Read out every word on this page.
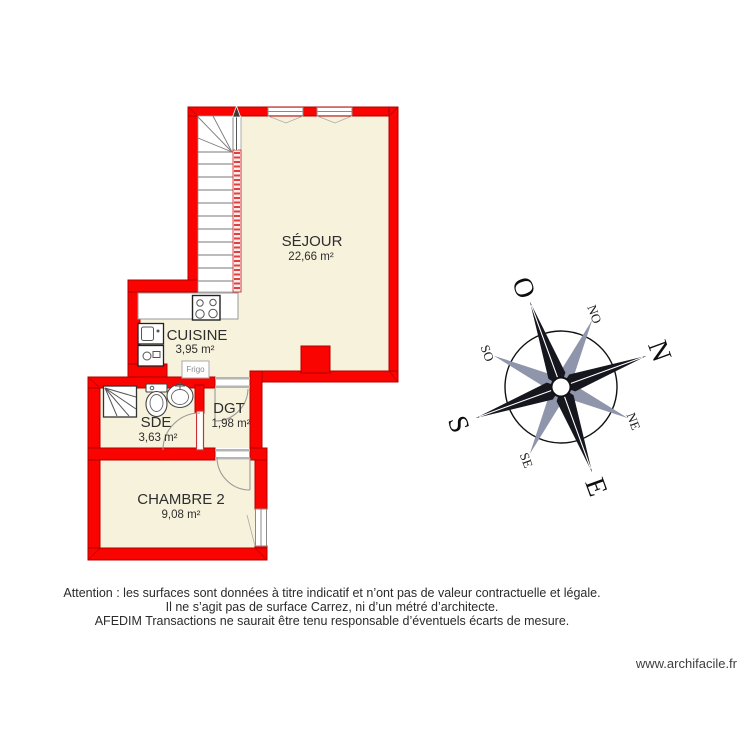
Frigo
SÉJOUR
22,66 m²
CUISINE
3,95 m²
SDE
3,63 m²
DGT
1,98 m²
CHAMBRE 2
9,08 m²
N
E
S
O
NO
NE
SE
SO
Attention : les surfaces sont données à titre indicatif et n’ont pas de valeur contractuelle et légale.
Il ne s’agit pas de surface Carrez, ni d’un métré d’architecte.
AFEDIM Transactions ne saurait être tenu responsable d’éventuels écarts de mesure.
www.archifacile.fr
